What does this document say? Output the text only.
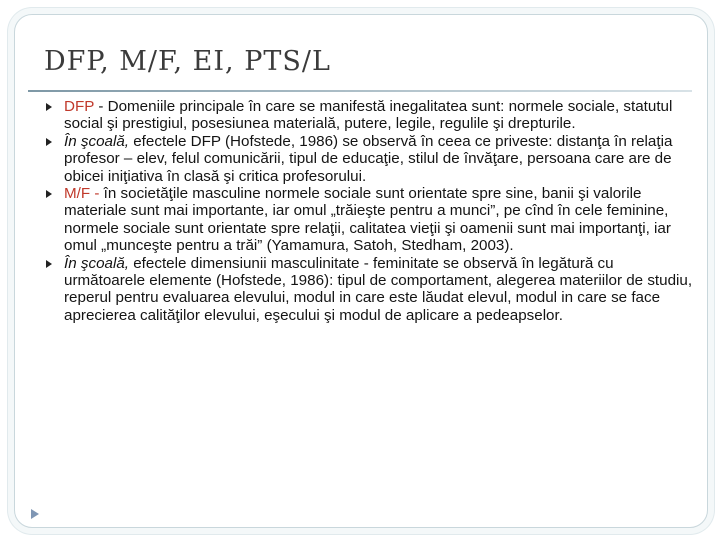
DFP, M/F, EI, PTS/L
DFP - Domeniile principale în care se manifestă inegalitatea sunt: normele sociale, statutul social şi prestigiul, posesiunea materială, putere, legile, regulile şi drepturile.
În şcoală, efectele DFP (Hofstede, 1986) se observă în ceea ce priveste: distanţa în relaţia profesor – elev, felul comunicării, tipul de educaţie, stilul de învăţare, persoana care are de obicei iniţiativa în clasă şi critica profesorului.
M/F - în societăţile masculine normele sociale sunt orientate spre sine, banii şi valorile materiale sunt mai importante, iar omul „trăieşte pentru a munci”, pe cînd în cele feminine, normele sociale sunt orientate spre relaţii, calitatea vieţii şi oamenii sunt mai importanţi, iar omul „munceşte pentru a trăi” (Yamamura, Satoh, Stedham, 2003).
În şcoală, efectele dimensiunii masculinitate - feminitate se observă în legătură cu următoarele elemente (Hofstede, 1986): tipul de comportament, alegerea materiilor de studiu, reperul pentru evaluarea elevului, modul in care este lăudat elevul, modul in care se face aprecierea calităţilor elevului, eşecului şi modul de aplicare a pedeapselor.
